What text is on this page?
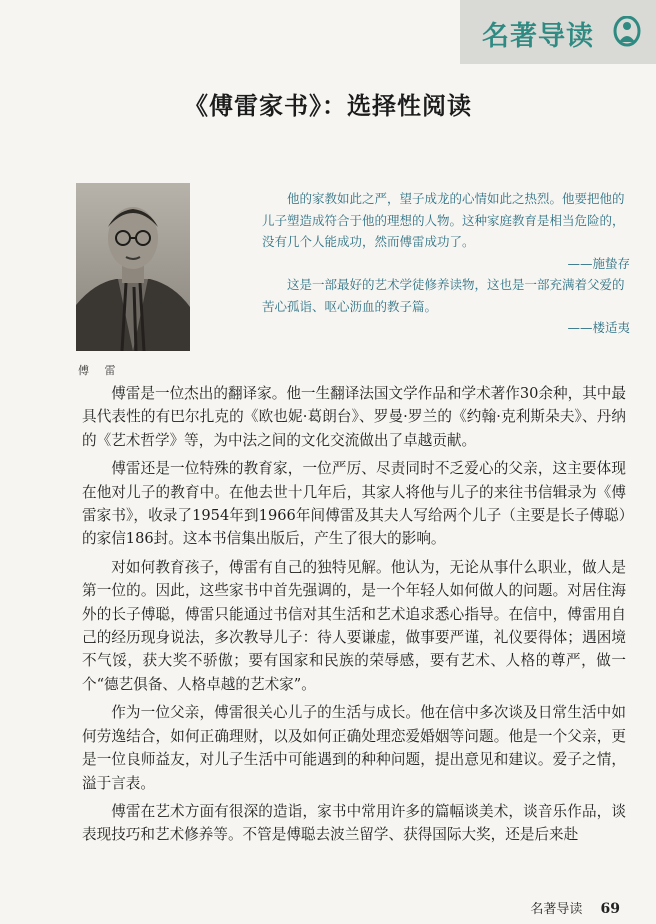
名著导读
《傅雷家书》：选择性阅读
傅 雷

他的家教如此之严，望子成龙的心情如此之热烈。他要把他的儿子塑造成符合于他的理想的人物。这种家庭教育是相当危险的，没有几个人能成功，然而傅雷成功了。

——施蛰存

这是一部最好的艺术学徒修养读物，这也是一部充满着父爱的苦心孤诣、呕心沥血的教子篇。

——楼适夷

傅雷是一位杰出的翻译家。他一生翻译法国文学作品和学术著作30余种，其中最具代表性的有巴尔扎克的《欧也妮·葛朗台》、罗曼·罗兰的《约翰·克利斯朵夫》、丹纳的《艺术哲学》等，为中法之间的文化交流做出了卓越贡献。

傅雷还是一位特殊的教育家，一位严厉、尽责同时不乏爱心的父亲，这主要体现在他对儿子的教育中。在他去世十几年后，其家人将他与儿子的来往书信辑录为《傅雷家书》，收录了1954年到1966年间傅雷及其夫人写给两个儿子（主要是长子傅聪）的家信186封。这本书信集出版后，产生了很大的影响。

对如何教育孩子，傅雷有自己的独特见解。他认为，无论从事什么职业，做人是第一位的。因此，这些家书中首先强调的，是一个年轻人如何做人的问题。对居住海外的长子傅聪，傅雷只能通过书信对其生活和艺术追求悉心指导。在信中，傅雷用自己的经历现身说法，多次教导儿子：待人要谦虚，做事要严谨，礼仪要得体；遇困境不气馁，获大奖不骄傲；要有国家和民族的荣辱感，要有艺术、人格的尊严，做一个“德艺俱备、人格卓越的艺术家”。

作为一位父亲，傅雷很关心儿子的生活与成长。他在信中多次谈及日常生活中如何劳逸结合，如何正确理财，以及如何正确处理恋爱婚姻等问题。他是一个父亲，更是一位良师益友，对儿子生活中可能遇到的种种问题，提出意见和建议。爱子之情，溢于言表。

傅雷在艺术方面有很深的造诣，家书中常用许多的篇幅谈美术，谈音乐作品，谈表现技巧和艺术修养等。不管是傅聪去波兰留学、获得国际大奖，还是后来赴

名著导读 69
